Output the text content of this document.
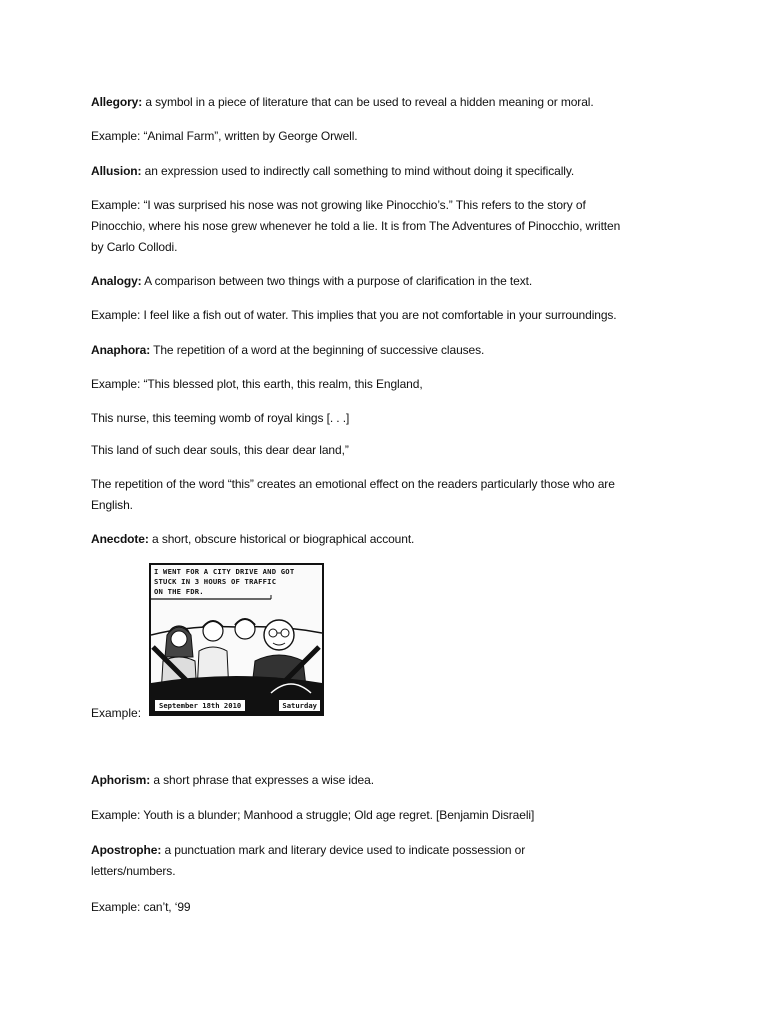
Allegory: a symbol in a piece of literature that can be used to reveal a hidden meaning or moral.
Example: “Animal Farm”, written by George Orwell.
Allusion: an expression used to indirectly call something to mind without doing it specifically.
Example: “I was surprised his nose was not growing like Pinocchio’s.” This refers to the story of
Pinocchio, where his nose grew whenever he told a lie. It is from The Adventures of Pinocchio, written
by Carlo Collodi.
Analogy: A comparison between two things with a purpose of clarification in the text.
Example: I feel like a fish out of water. This implies that you are not comfortable in your surroundings.
Anaphora: The repetition of a word at the beginning of successive clauses.
Example: “This blessed plot, this earth, this realm, this England,
This nurse, this teeming womb of royal kings [. . .]
This land of such dear souls, this dear dear land,”
The repetition of the word “this” creates an emotional effect on the readers particularly those who are
English.
Anecdote: a short, obscure historical or biographical account.
Example:
I WENT FOR A CITY DRIVE AND GOT
STUCK IN 3 HOURS OF TRAFFIC
ON THE FDR.
September 18th 2010	Saturday
Aphorism: a short phrase that expresses a wise idea.
Example: Youth is a blunder; Manhood a struggle; Old age regret. [Benjamin Disraeli]
Apostrophe: a punctuation mark and literary device used to indicate possession or
letters/numbers.
Example: can’t, ‘99
